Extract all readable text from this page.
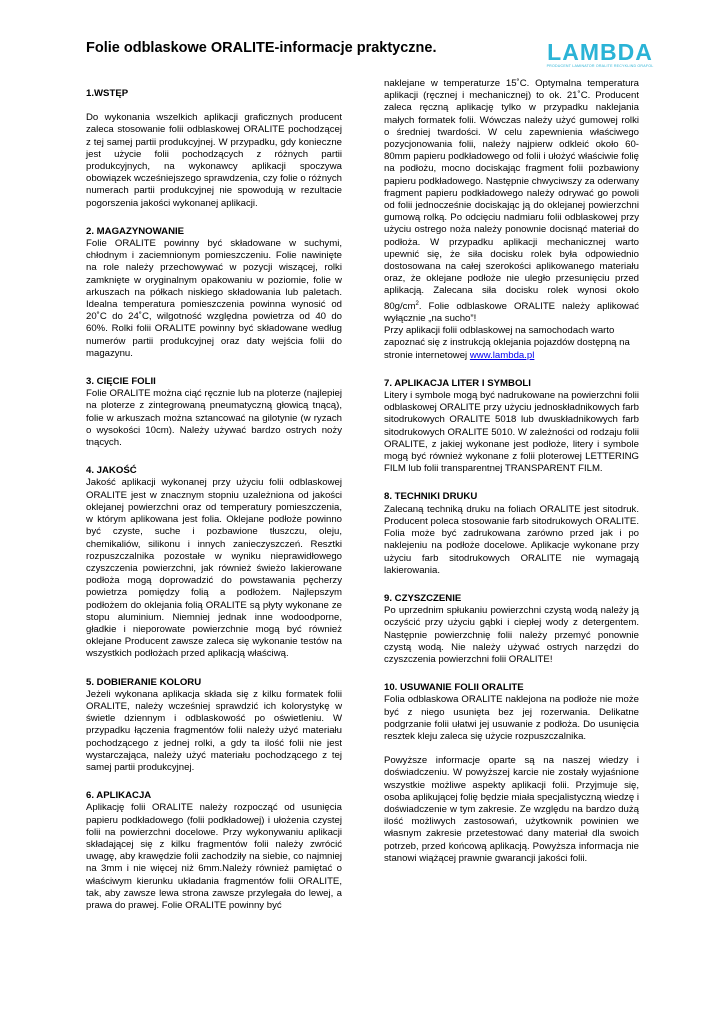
Folie odblaskowe ORALITE-informacje praktyczne.	LAMBDA
PRODUCENT LAMINATOR ORALITE RECYKLIND ORAFOL
1.WSTĘP

Do wykonania wszelkich aplikacji graficznych producent zaleca stosowanie folii odblaskowej ORALITE pochodzącej z tej samej partii produkcyjnej. W przypadku, gdy konieczne jest użycie folii pochodzących z różnych partii produkcyjnych, na wykonawcy aplikacji spoczywa obowiązek wcześniejszego sprawdzenia, czy folie o różnych numerach partii produkcyjnej nie spowodują w rezultacie pogorszenia jakości wykonanej aplikacji.

2. MAGAZYNOWANIE

Folie ORALITE powinny być składowane w suchymi, chłodnym i zaciemnionym pomieszczeniu. Folie nawinięte na role należy przechowywać w pozycji wiszącej, rolki zamknięte w oryginalnym opakowaniu w poziomie, folie w arkuszach na półkach niskiego składowania lub paletach. Idealna temperatura pomieszczenia powinna wynosić od 20˚C do 24˚C, wilgotność względna powietrza od 40 do 60%. Rolki folii ORALITE powinny być składowane według numerów partii produkcyjnej oraz daty wejścia folii do magazynu.

3. CIĘCIE FOLII

Folie ORALITE można ciąć ręcznie lub na ploterze (najlepiej na ploterze z zintegrowaną pneumatyczną głowicą tnącą), folie w arkuszach można sztancować na gilotynie (w ryzach o wysokości 10cm). Należy używać bardzo ostrych noży tnących.

4. JAKOŚĆ

Jakość aplikacji wykonanej przy użyciu folii odblaskowej ORALITE jest w znacznym stopniu uzależniona od jakości oklejanej powierzchni oraz od temperatury pomieszczenia, w którym aplikowana jest folia. Oklejane podłoże powinno być czyste, suche i pozbawione tłuszczu, oleju, chemikaliów, silikonu i innych zanieczyszczeń. Resztki rozpuszczalnika pozostałe w wyniku nieprawidłowego czyszczenia powierzchni, jak również świeżo lakierowane podłoża mogą doprowadzić do powstawania pęcherzy powietrza pomiędzy folią a podłożem. Najlepszym podłożem do oklejania folią ORALITE są płyty wykonane ze stopu aluminium. Niemniej jednak inne wodoodporne, gładkie i nieporowate powierzchnie mogą być również oklejane Producent zawsze zaleca się wykonanie testów na wszystkich podłożach przed aplikacją właściwą.

5. DOBIERANIE KOLORU

Jeżeli wykonana aplikacja składa się z kilku formatek folii ORALITE, należy wcześniej sprawdzić ich kolorystykę w świetle dziennym i odblaskowość po oświetleniu. W przypadku łączenia fragmentów folii należy użyć materiału pochodzącego z jednej rolki, a gdy ta ilość folii nie jest wystarczająca, należy użyć materiału pochodzącego z tej samej partii produkcyjnej.

6. APLIKACJA

Aplikację folii ORALITE należy rozpocząć od usunięcia papieru podkładowego (folii podkładowej) i ułożenia czystej folii na powierzchni docelowe. Przy wykonywaniu aplikacji składającej się z kilku fragmentów folii należy zwrócić uwagę, aby krawędzie folii zachodziły na siebie, co najmniej na 3mm i nie więcej niż 6mm.Należy również pamiętać o właściwym kierunku układania fragmentów folii ORALITE, tak, aby zawsze lewa strona zawsze przylegała do lewej, a prawa do prawej. Folie ORALITE powinny być

naklejane w temperaturze 15˚C. Optymalna temperatura aplikacji (ręcznej i mechanicznej) to ok. 21˚C. Producent zaleca ręczną aplikację tylko w przypadku naklejania małych formatek folii. Wówczas należy użyć gumowej rolki o średniej twardości. W celu zapewnienia właściwego pozycjonowania folii, należy najpierw odkleić około 60-80mm papieru podkładowego od folii i ułożyć właściwie folię na podłożu, mocno dociskając fragment folii pozbawiony papieru podkładowego. Następnie chwyciwszy za oderwany fragment papieru podkładowego należy odrywać go powoli od folii jednocześnie dociskając ją do oklejanej powierzchni gumową rolką. Po odcięciu nadmiaru folii odblaskowej przy użyciu ostrego noża należy ponownie docisnąć materiał do podłoża. W przypadku aplikacji mechanicznej warto upewnić się, że siła docisku rolek była odpowiednio dostosowana na całej szerokości aplikowanego materiału oraz, że oklejane podłoże nie uległo przesunięciu przed aplikacją. Zalecana siła docisku rolek wynosi około $80g/cm^2$. Folie odblaskowe ORALITE należy aplikować wyłącznie „na sucho”!

Przy aplikacji folii odblaskowej na samochodach warto zapoznać się z instrukcją oklejania pojazdów dostępną na stronie internetowej www.lambda.pl

7. APLIKACJA LITER I SYMBOLI

Litery i symbole mogą być nadrukowane na powierzchni folii odblaskowej ORALITE przy użyciu jednoskładnikowych farb sitodrukowych ORALITE 5018 lub dwuskładnikowych farb sitodrukowych ORALITE 5010. W zależności od rodzaju folii ORALITE, z jakiej wykonane jest podłoże, litery i symbole mogą być również wykonane z folii ploterowej LETTERING FILM lub folii transparentnej TRANSPARENT FILM.

8. TECHNIKI DRUKU

Zalecaną techniką druku na foliach ORALITE jest sitodruk. Producent poleca stosowanie farb sitodrukowych ORALITE. Folia może być zadrukowana zarówno przed jak i po naklejeniu na podłoże docelowe. Aplikacje wykonane przy użyciu farb sitodrukowych ORALITE nie wymagają lakierowania.

9. CZYSZCZENIE

Po uprzednim spłukaniu powierzchni czystą wodą należy ją oczyścić przy użyciu gąbki i ciepłej wody z detergentem. Następnie powierzchnię folii należy przemyć ponownie czystą wodą. Nie należy używać ostrych narzędzi do czyszczenia powierzchni folii ORALITE!

10. USUWANIE FOLII ORALITE

Folia odblaskowa ORALITE naklejona na podłoże nie może być z niego usunięta bez jej rozerwania. Delikatne podgrzanie folii ułatwi jej usuwanie z podłoża. Do usunięcia resztek kleju zaleca się użycie rozpuszczalnika.

Powyższe informacje oparte są na naszej wiedzy i doświadczeniu. W powyższej karcie nie zostały wyjaśnione wszystkie możliwe aspekty aplikacji folii. Przyjmuje się, osoba aplikującej folię będzie miała specjalistyczną wiedzę i doświadczenie w tym zakresie. Ze względu na bardzo dużą ilość możliwych zastosowań, użytkownik powinien we własnym zakresie przetestować dany materiał dla swoich potrzeb, przed końcową aplikacją. Powyższa informacja nie stanowi wiążącej prawnie gwarancji jakości folii.
